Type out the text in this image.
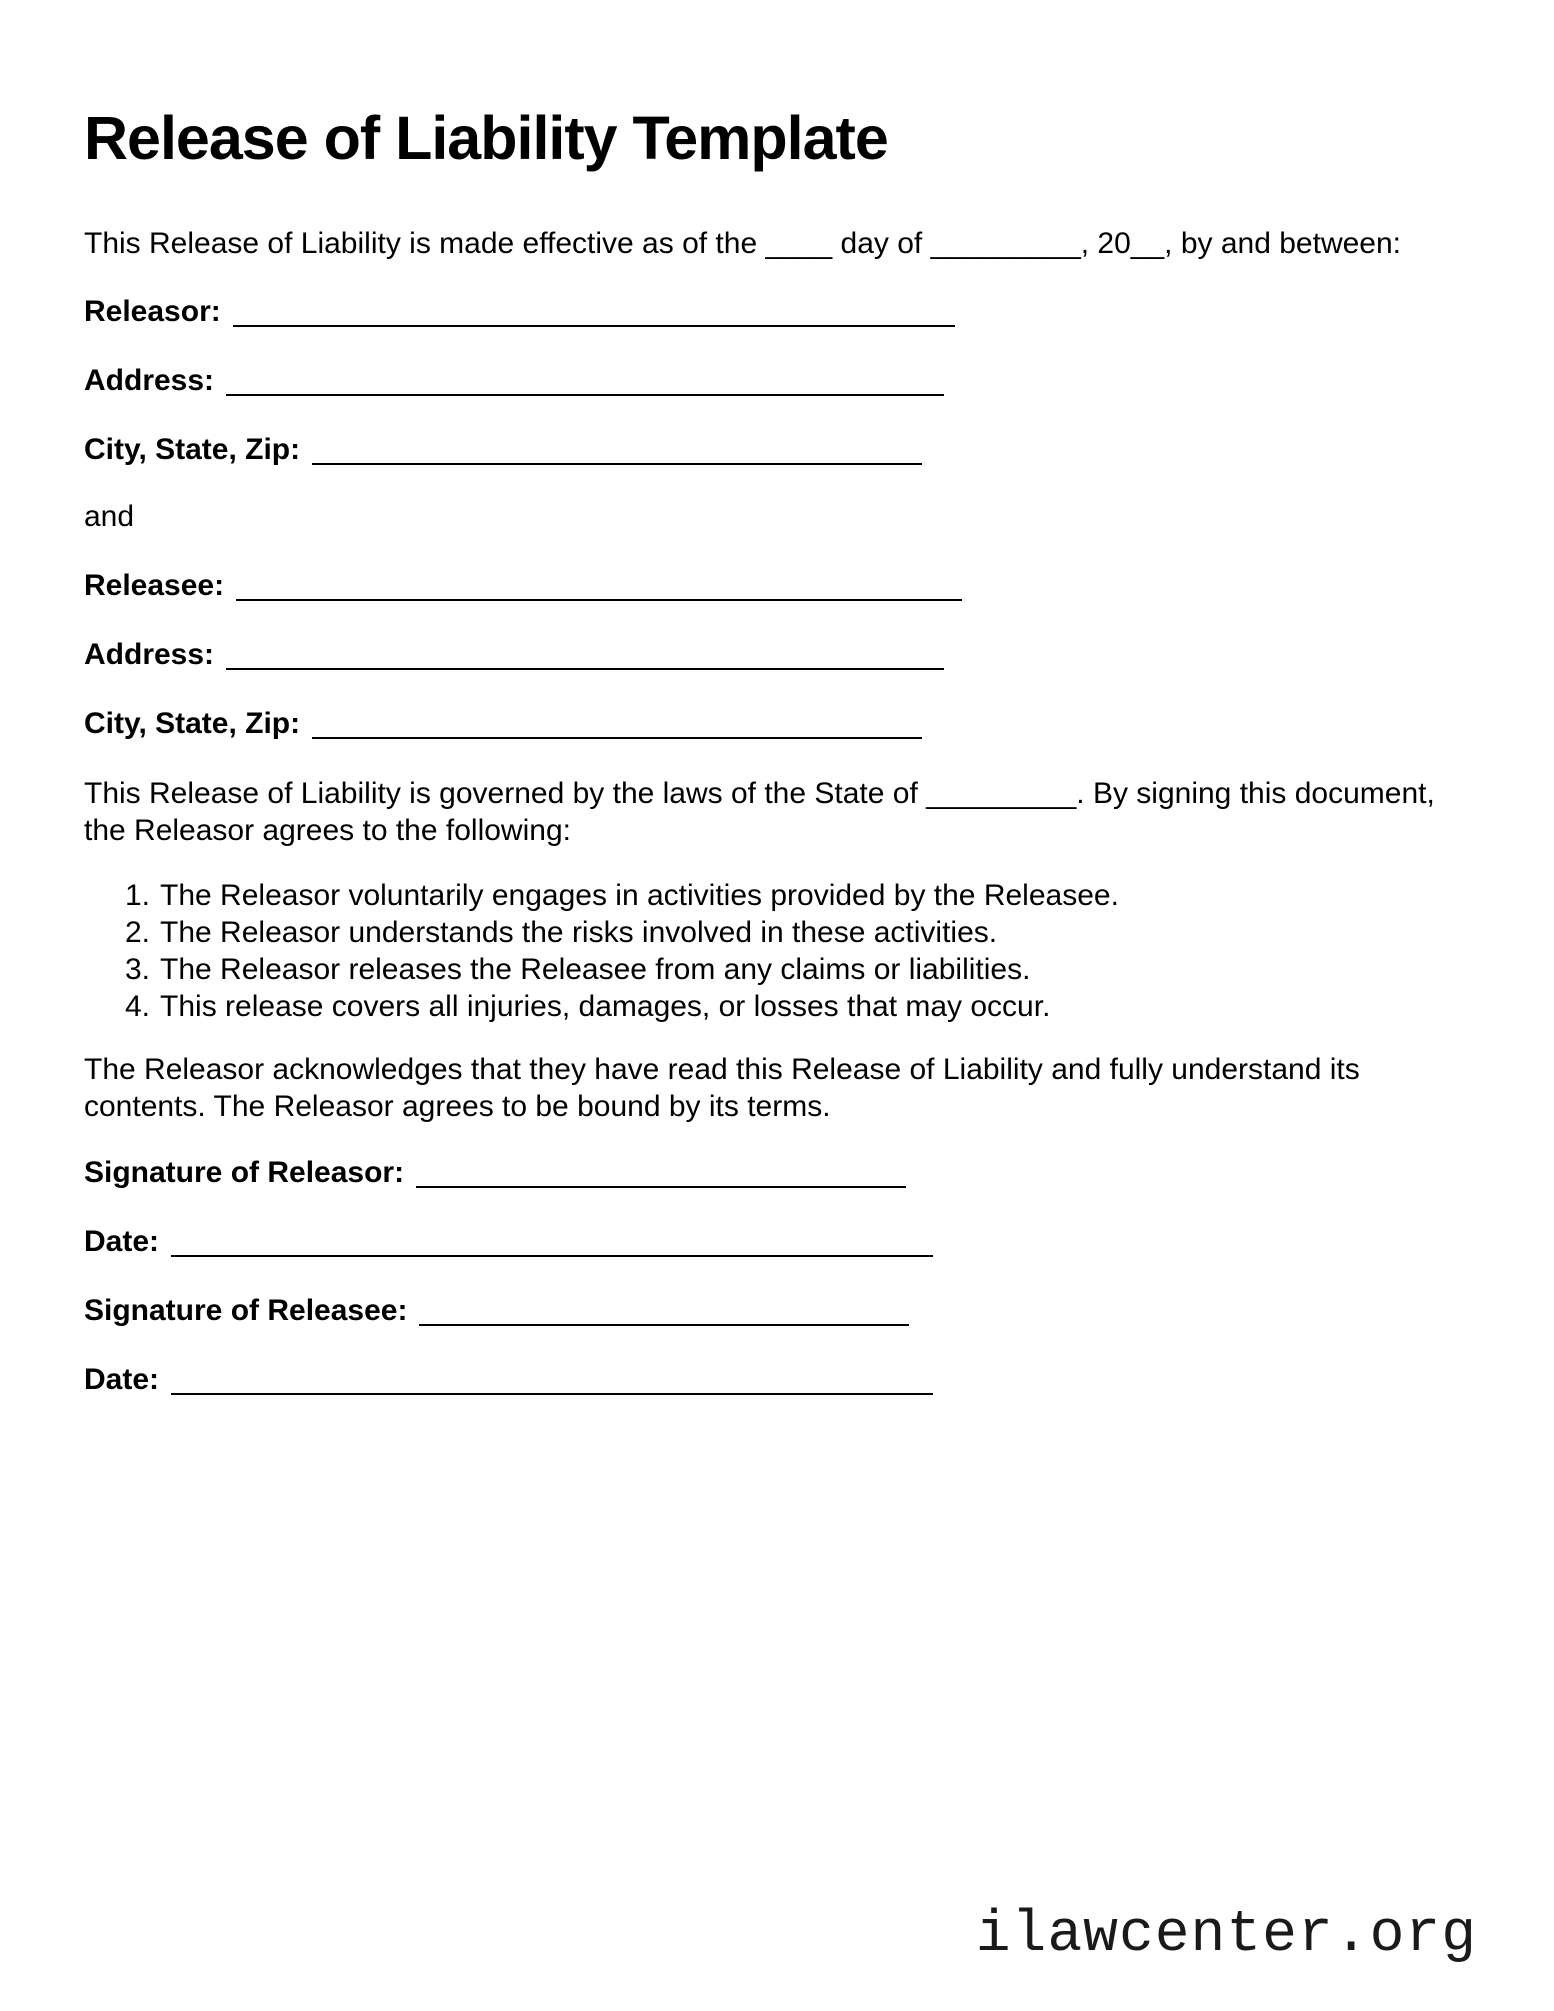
Release of Liability Template

This Release of Liability is made effective as of the ____ day of _________, 20__, by and between:

Releasor:
Address:
City, State, Zip:
and
Releasee:
Address:
City, State, Zip:

This Release of Liability is governed by the laws of the State of _________. By signing this document, the Releasor agrees to the following:

1. The Releasor voluntarily engages in activities provided by the Releasee.
2. The Releasor understands the risks involved in these activities.
3. The Releasor releases the Releasee from any claims or liabilities.
4. This release covers all injuries, damages, or losses that may occur.

The Releasor acknowledges that they have read this Release of Liability and fully understand its contents. The Releasor agrees to be bound by its terms.

Signature of Releasor:
Date:
Signature of Releasee:
Date:
ilawcenter.org
